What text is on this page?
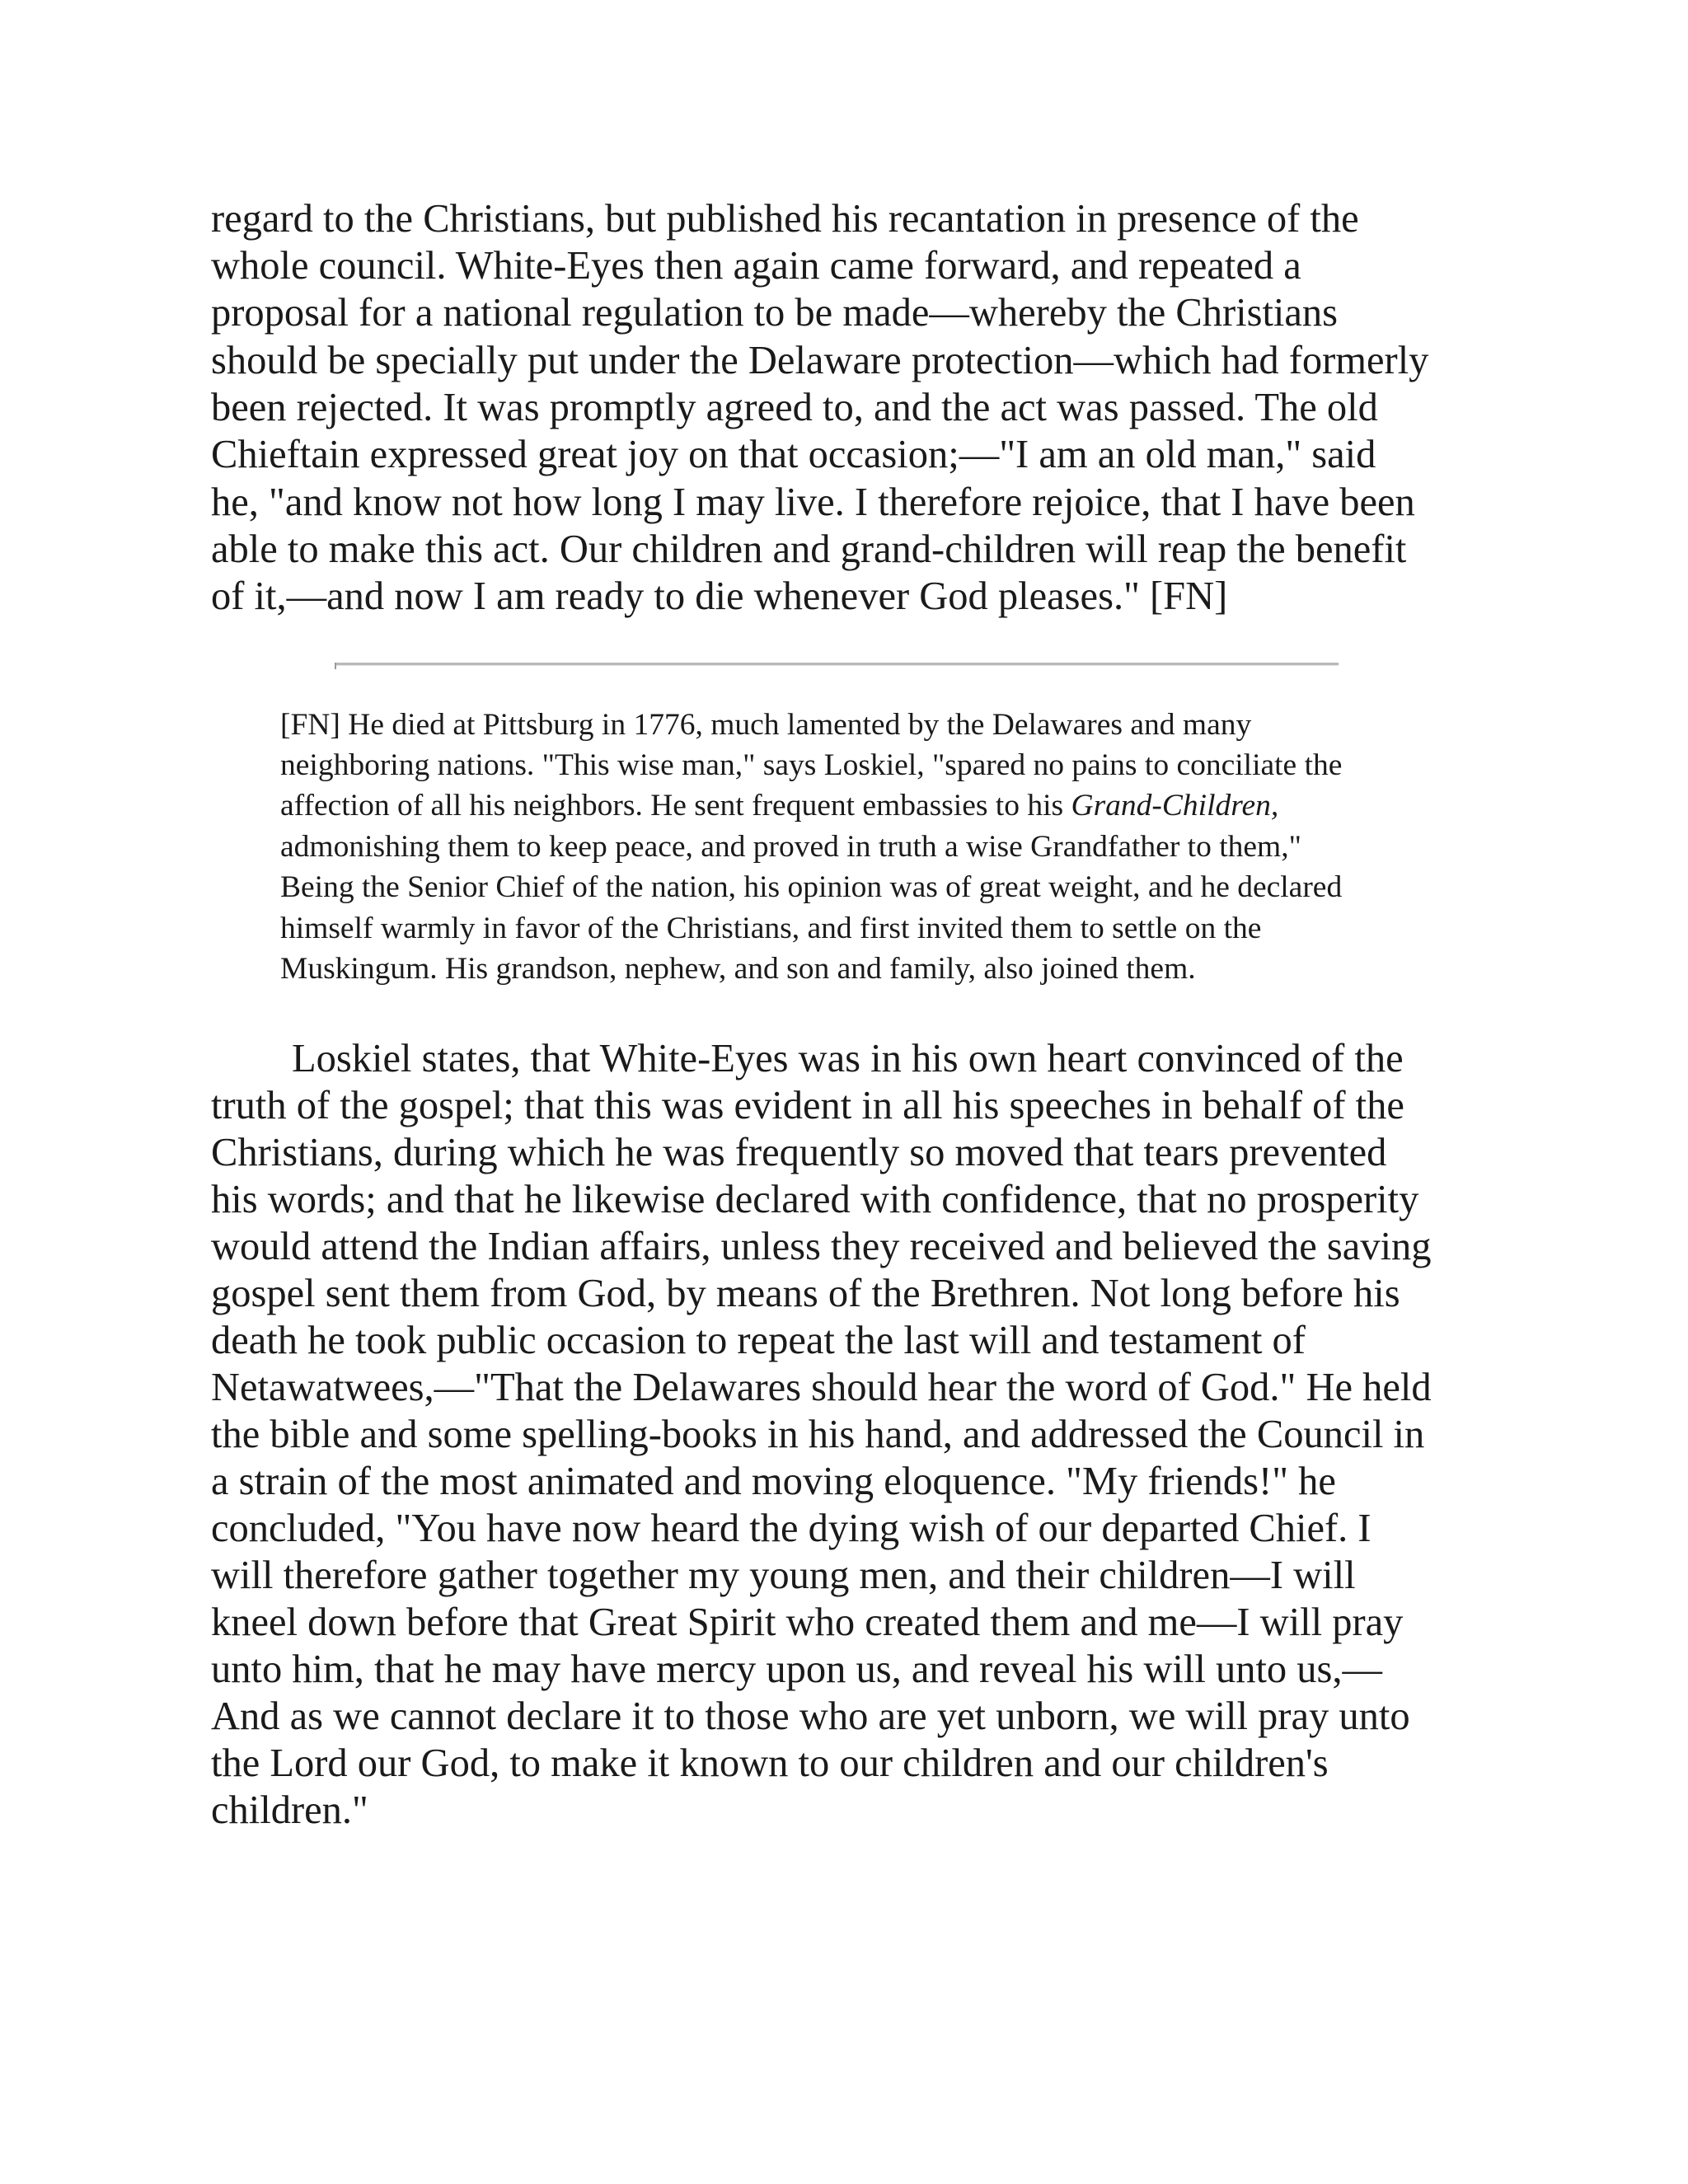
regard to the Christians, but published his recantation in presence of the

whole council. White-Eyes then again came forward, and repeated a

proposal for a national regulation to be made—whereby the Christians

should be specially put under the Delaware protection—which had formerly

been rejected. It was promptly agreed to, and the act was passed. The old

Chieftain expressed great joy on that occasion;—"I am an old man," said

he, "and know not how long I may live. I therefore rejoice, that I have been

able to make this act. Our children and grand-children will reap the benefit

of it,—and now I am ready to die whenever God pleases." [FN]

[FN] He died at Pittsburg in 1776, much lamented by the Delawares and many

neighboring nations. "This wise man," says Loskiel, "spared no pains to conciliate the

affection of all his neighbors. He sent frequent embassies to his Grand-Children,

admonishing them to keep peace, and proved in truth a wise Grandfather to them,"

Being the Senior Chief of the nation, his opinion was of great weight, and he declared

himself warmly in favor of the Christians, and first invited them to settle on the

Muskingum. His grandson, nephew, and son and family, also joined them.

Loskiel states, that White-Eyes was in his own heart convinced of the

truth of the gospel; that this was evident in all his speeches in behalf of the

Christians, during which he was frequently so moved that tears prevented

his words; and that he likewise declared with confidence, that no prosperity

would attend the Indian affairs, unless they received and believed the saving

gospel sent them from God, by means of the Brethren. Not long before his

death he took public occasion to repeat the last will and testament of

Netawatwees,—"That the Delawares should hear the word of God." He held

the bible and some spelling-books in his hand, and addressed the Council in

a strain of the most animated and moving eloquence. "My friends!" he

concluded, "You have now heard the dying wish of our departed Chief. I

will therefore gather together my young men, and their children—I will

kneel down before that Great Spirit who created them and me—I will pray

unto him, that he may have mercy upon us, and reveal his will unto us,—

And as we cannot declare it to those who are yet unborn, we will pray unto

the Lord our God, to make it known to our children and our children's

children."
